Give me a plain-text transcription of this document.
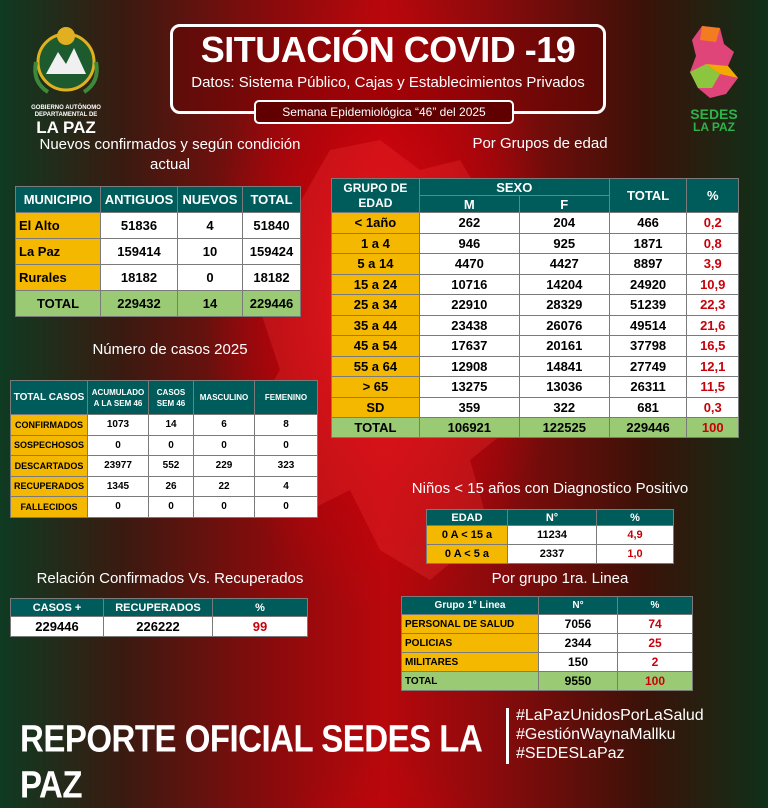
GOBIERNO AUTÓNOMO
DEPARTAMENTAL DE
LA PAZ
SEDES
LA PAZ
SITUACIÓN COVID -19
Datos: Sistema Público, Cajas y Establecimientos Privados
Semana Epidemiológica “46” del 2025
Nuevos confirmados y según condición actual
Por Grupos de edad
Número de casos 2025
Niños < 15 años con Diagnostico Positivo
Relación Confirmados Vs. Recuperados	Por grupo 1ra. Linea
MUNICIPIO	ANTIGUOS	NUEVOS	TOTAL
El Alto	51836	4	51840
La Paz	159414	10	159424
Rurales	18182	0	18182
TOTAL	229432	14	229446
GRUPO DE EDAD	SEXO		TOTAL	%
	M	F		
< 1año	262	204	466	0,2
1 a 4	946	925	1871	0,8
5 a 14	4470	4427	8897	3,9
15 a 24	10716	14204	24920	10,9
25 a 34	22910	28329	51239	22,3
35 a 44	23438	26076	49514	21,6
45 a 54	17637	20161	37798	16,5
55 a 64	12908	14841	27749	12,1
> 65	13275	13036	26311	11,5
SD	359	322	681	0,3
TOTAL	106921	122525	229446	100
TOTAL CASOS	ACUMULADO A LA SEM 46	CASOS SEM 46	MASCULINO	FEMENINO
CONFIRMADOS	1073	14	6	8
SOSPECHOSOS	0	0	0	0
DESCARTADOS	23977	552	229	323
RECUPERADOS	1345	26	22	4
FALLECIDOS	0	0	0	0
EDAD	N°	%
0 A < 15 a	11234	4,9
0 A < 5 a	2337	1,0
CASOS +	RECUPERADOS	%
229446	226222	99
Grupo 1º Linea	N°	%
PERSONAL DE SALUD	7056	74
POLICIAS	2344	25
MILITARES	150	2
TOTAL	9550	100
REPORTE OFICIAL SEDES LA PAZ
#LaPazUnidosPorLaSalud
#GestiónWaynaMallku
#SEDESLaPaz
